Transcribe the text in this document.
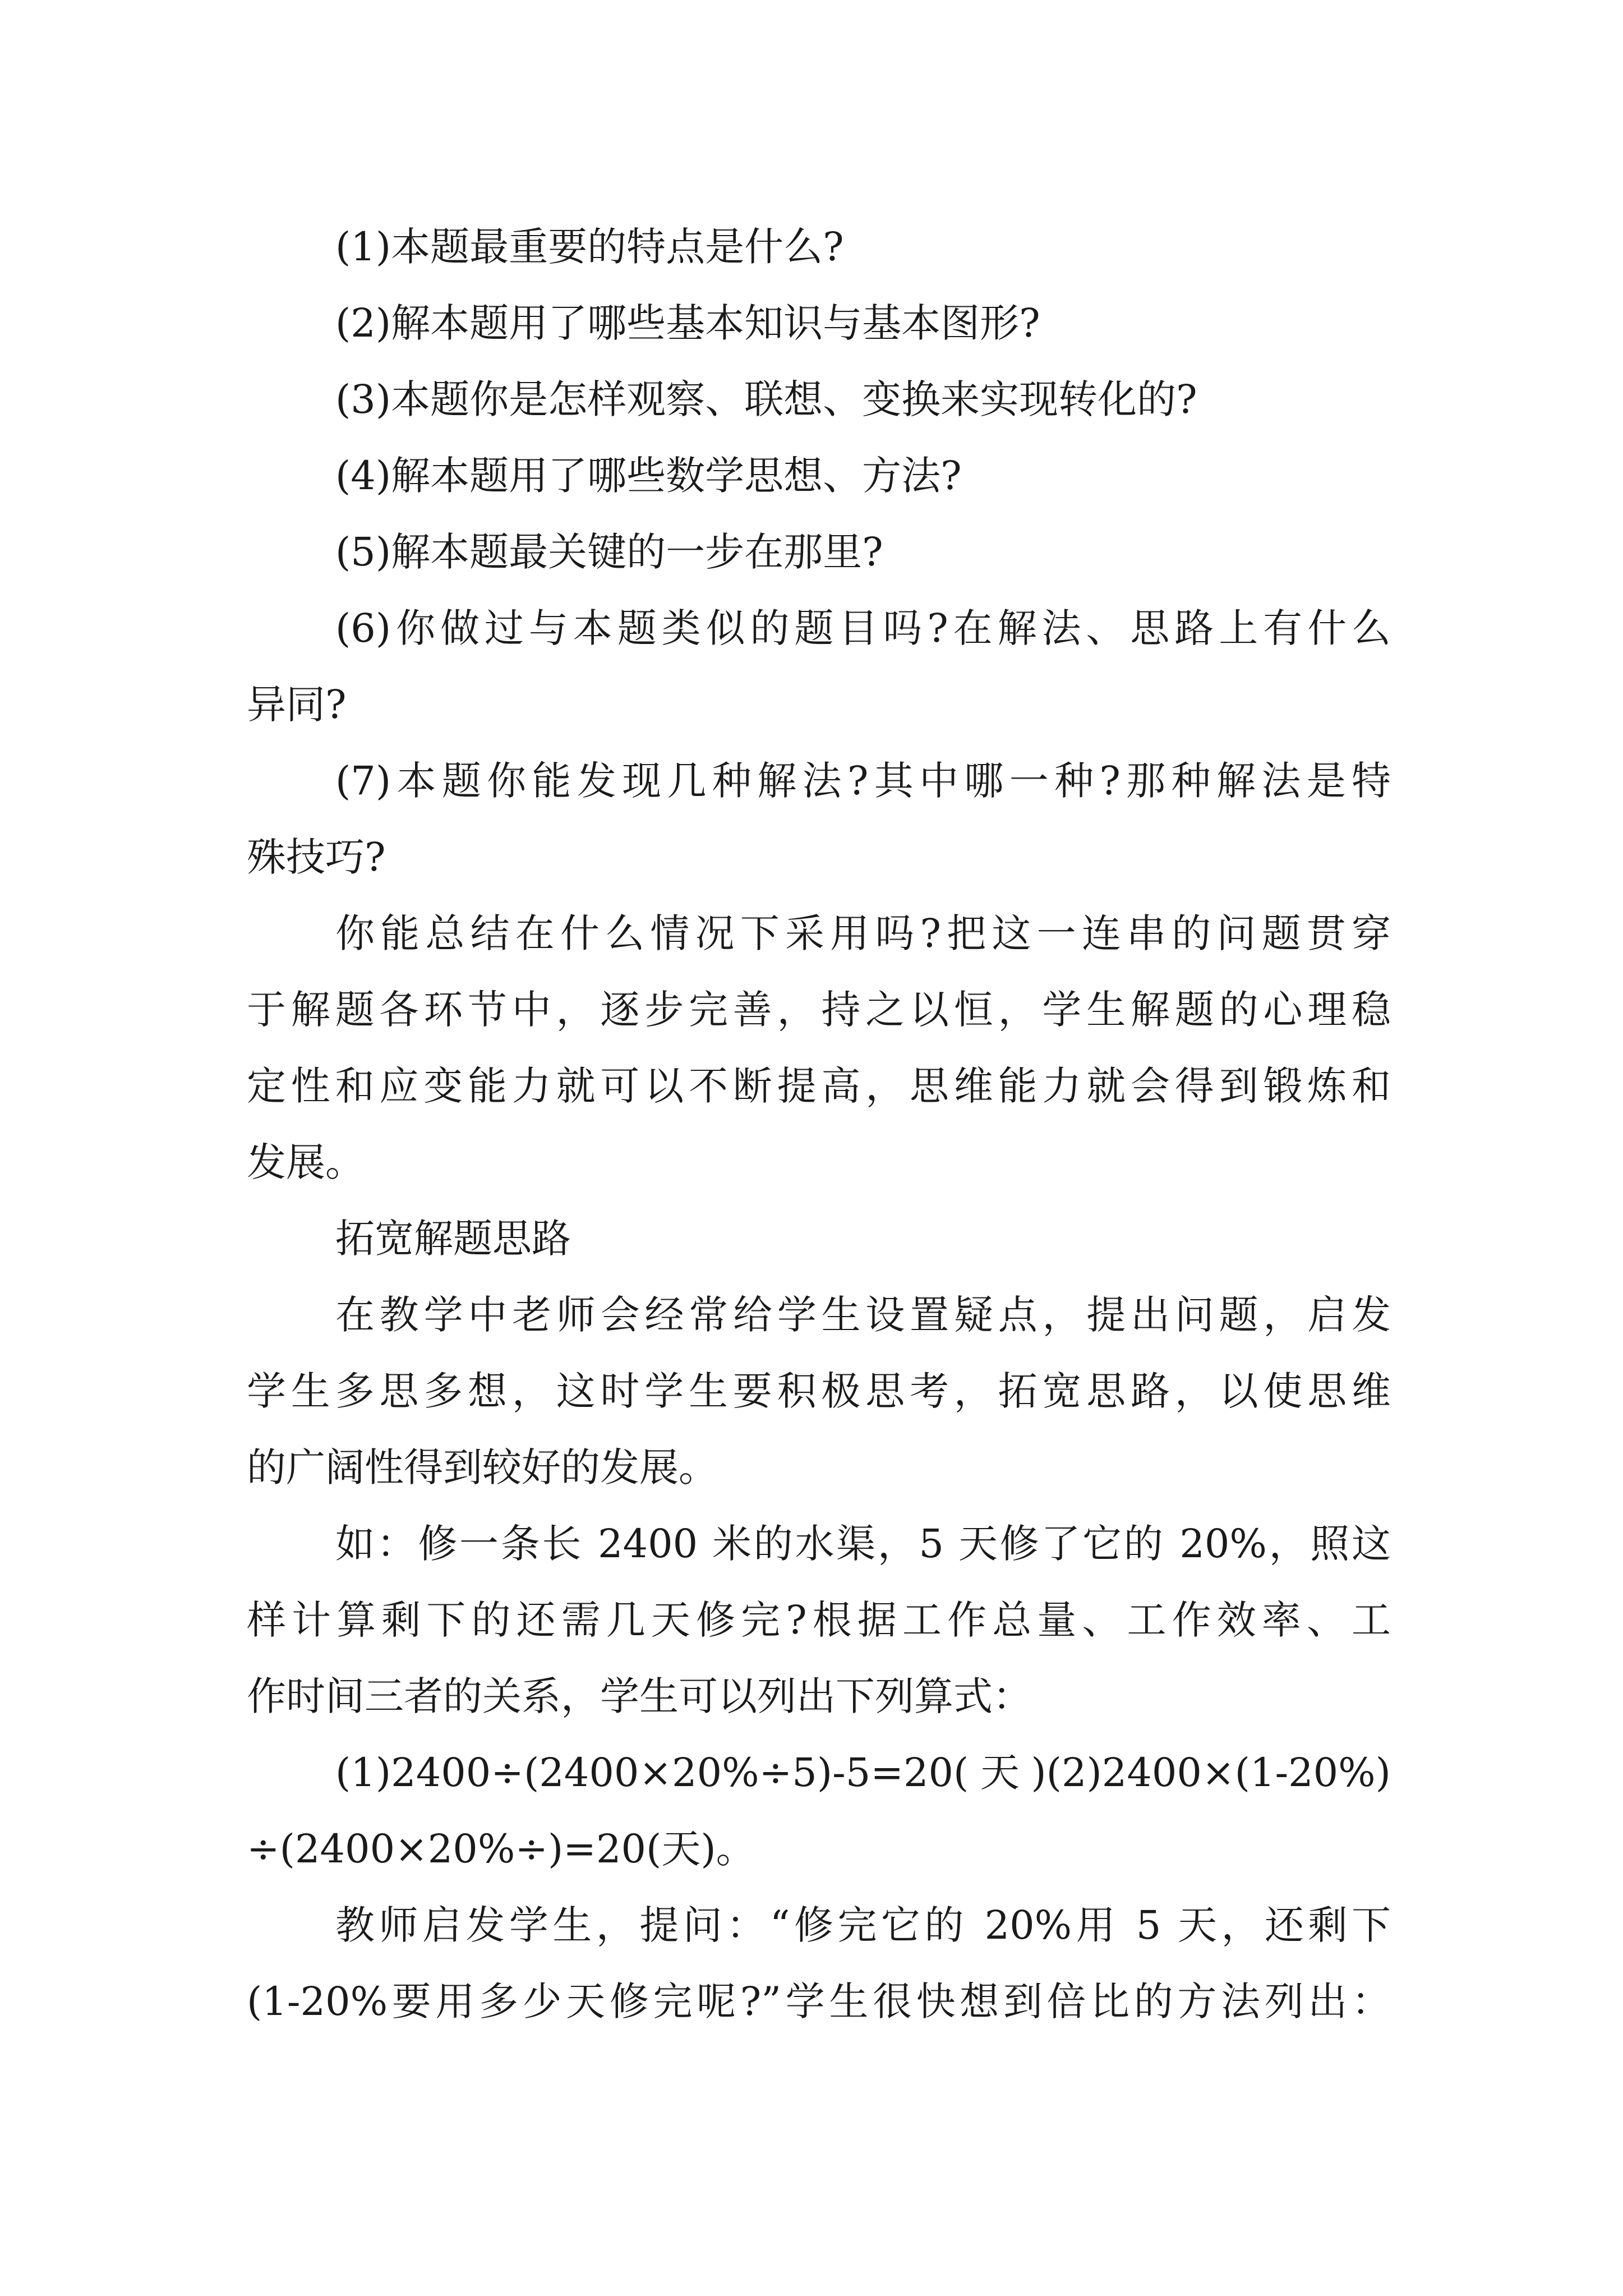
(1)本题最重要的特点是什么?
(2)解本题用了哪些基本知识与基本图形?
(3)本题你是怎样观察、联想、变换来实现转化的?
(4)解本题用了哪些数学思想、方法?
(5)解本题最关键的一步在那里?
(6)你做过与本题类似的题目吗?在解法、思路上有什么
异同?
(7)本题你能发现几种解法?其中哪一种?那种解法是特
殊技巧?
你能总结在什么情况下采用吗?把这一连串的问题贯穿
于解题各环节中，逐步完善，持之以恒，学生解题的心理稳
定性和应变能力就可以不断提高，思维能力就会得到锻炼和
发展。
拓宽解题思路
在教学中老师会经常给学生设置疑点，提出问题，启发
学生多思多想，这时学生要积极思考，拓宽思路，以使思维
的广阔性得到较好的发展。
如：修一条长 2400 米的水渠，5 天修了它的 20%，照这
样计算剩下的还需几天修完?根据工作总量、工作效率、工
作时间三者的关系，学生可以列出下列算式：
(1)2400÷(2400×20%÷5)-5=20(天)(2)2400×(1-20%)
÷(2400×20%÷)=20(天)。
教师启发学生，提问：“修完它的 20%用 5 天，还剩下
(1-20%要用多少天修完呢?”学生很快想到倍比的方法列出：
